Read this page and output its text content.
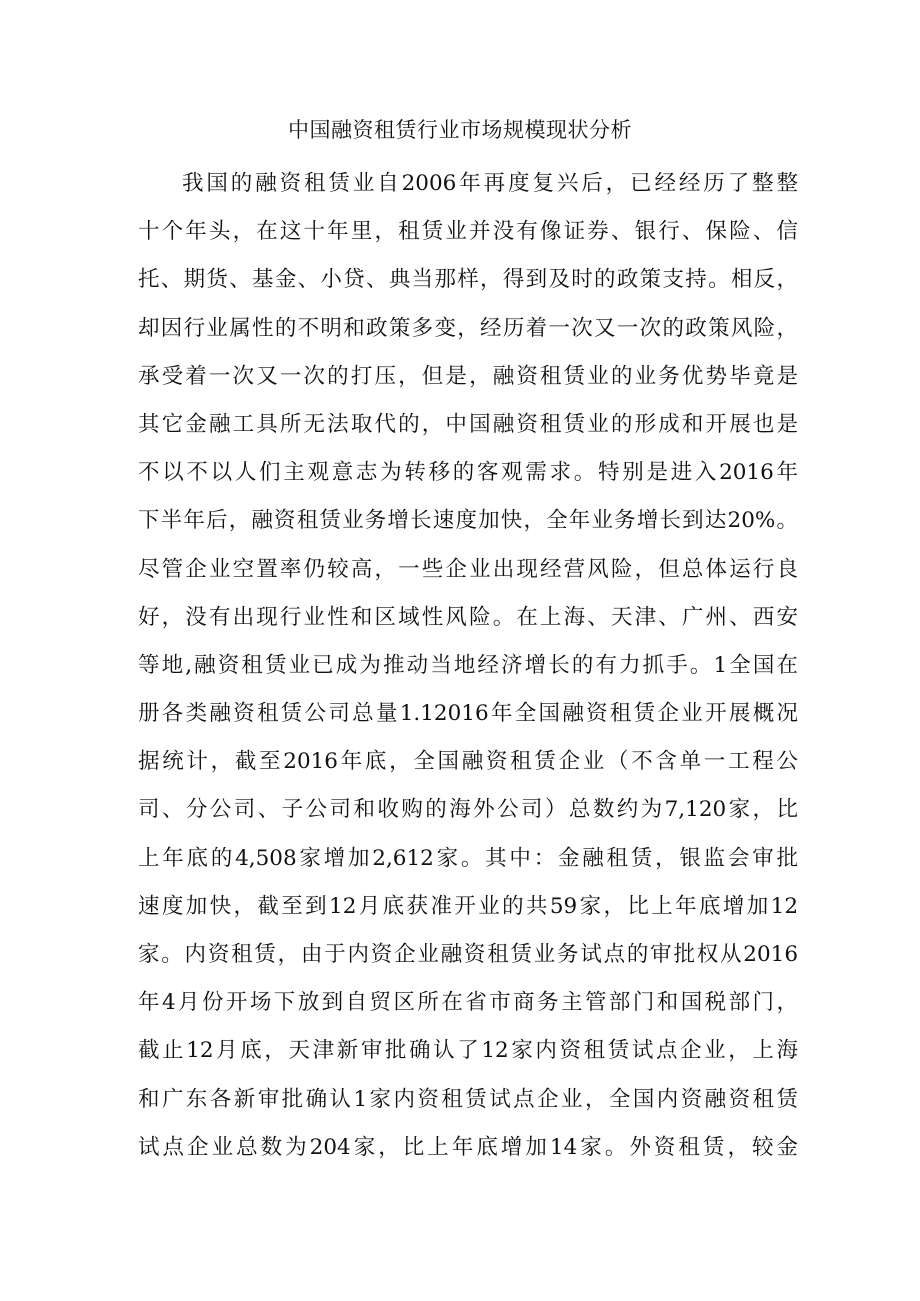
中国融资租赁行业市场规模现状分析
我国的融资租赁业自2006年再度复兴后，已经经历了整整
十个年头，在这十年里，租赁业并没有像证券、银行、保险、信
托、期货、基金、小贷、典当那样，得到及时的政策支持。相反，
却因行业属性的不明和政策多变，经历着一次又一次的政策风险，
承受着一次又一次的打压，但是，融资租赁业的业务优势毕竟是
其它金融工具所无法取代的，中国融资租赁业的形成和开展也是
不以不以人们主观意志为转移的客观需求。特别是进入2016年
下半年后，融资租赁业务增长速度加快，全年业务增长到达20%。
尽管企业空置率仍较高，一些企业出现经营风险，但总体运行良
好，没有出现行业性和区域性风险。在上海、天津、广州、西安
等地,融资租赁业已成为推动当地经济增长的有力抓手。1全国在
册各类融资租赁公司总量1.12016年全国融资租赁企业开展概况
据统计，截至2016年底，全国融资租赁企业（不含单一工程公
司、分公司、子公司和收购的海外公司）总数约为7,120家，比
上年底的4,508家增加2,612家。其中：金融租赁，银监会审批
速度加快，截至到12月底获准开业的共59家，比上年底增加12
家。内资租赁，由于内资企业融资租赁业务试点的审批权从2016
年4月份开场下放到自贸区所在省市商务主管部门和国税部门，
截止12月底，天津新审批确认了12家内资租赁试点企业，上海
和广东各新审批确认1家内资租赁试点企业，全国内资融资租赁
试点企业总数为204家，比上年底增加14家。外资租赁，较金
